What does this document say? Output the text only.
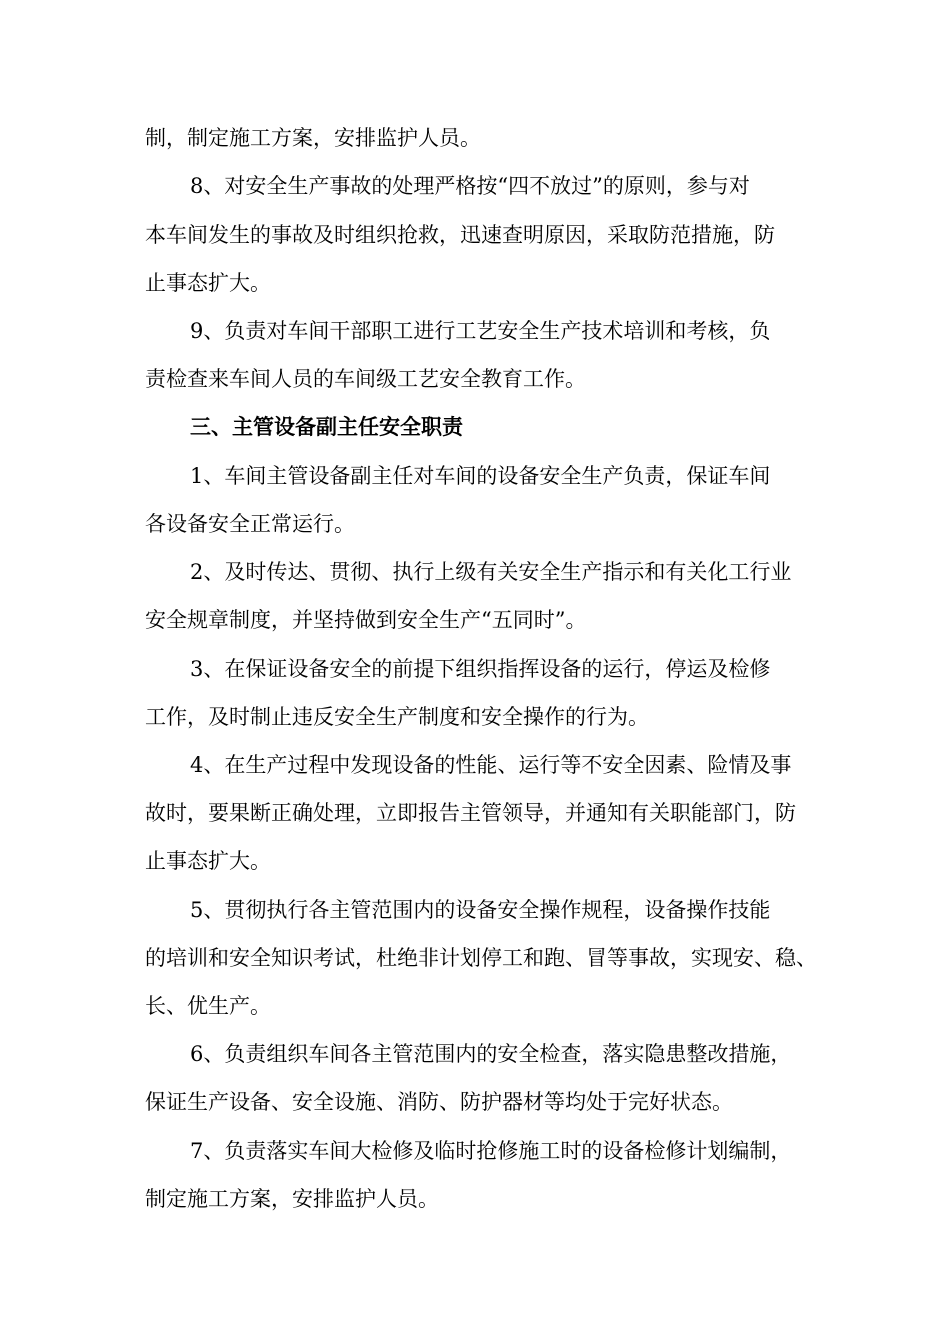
制，制定施工方案，安排监护人员。
8、对安全生产事故的处理严格按“四不放过”的原则，参与对
本车间发生的事故及时组织抢救，迅速查明原因，采取防范措施，防
止事态扩大。
9、负责对车间干部职工进行工艺安全生产技术培训和考核，负
责检查来车间人员的车间级工艺安全教育工作。
三、主管设备副主任安全职责
1、车间主管设备副主任对车间的设备安全生产负责，保证车间
各设备安全正常运行。
2、及时传达、贯彻、执行上级有关安全生产指示和有关化工行业
安全规章制度，并坚持做到安全生产“五同时”。
3、在保证设备安全的前提下组织指挥设备的运行，停运及检修
工作，及时制止违反安全生产制度和安全操作的行为。
4、在生产过程中发现设备的性能、运行等不安全因素、险情及事
故时，要果断正确处理，立即报告主管领导，并通知有关职能部门，防
止事态扩大。
5、贯彻执行各主管范围内的设备安全操作规程，设备操作技能
的培训和安全知识考试，杜绝非计划停工和跑、冒等事故，实现安、稳、
长、优生产。
6、负责组织车间各主管范围内的安全检查，落实隐患整改措施，
保证生产设备、安全设施、消防、防护器材等均处于完好状态。
7、负责落实车间大检修及临时抢修施工时的设备检修计划编制，
制定施工方案，安排监护人员。
